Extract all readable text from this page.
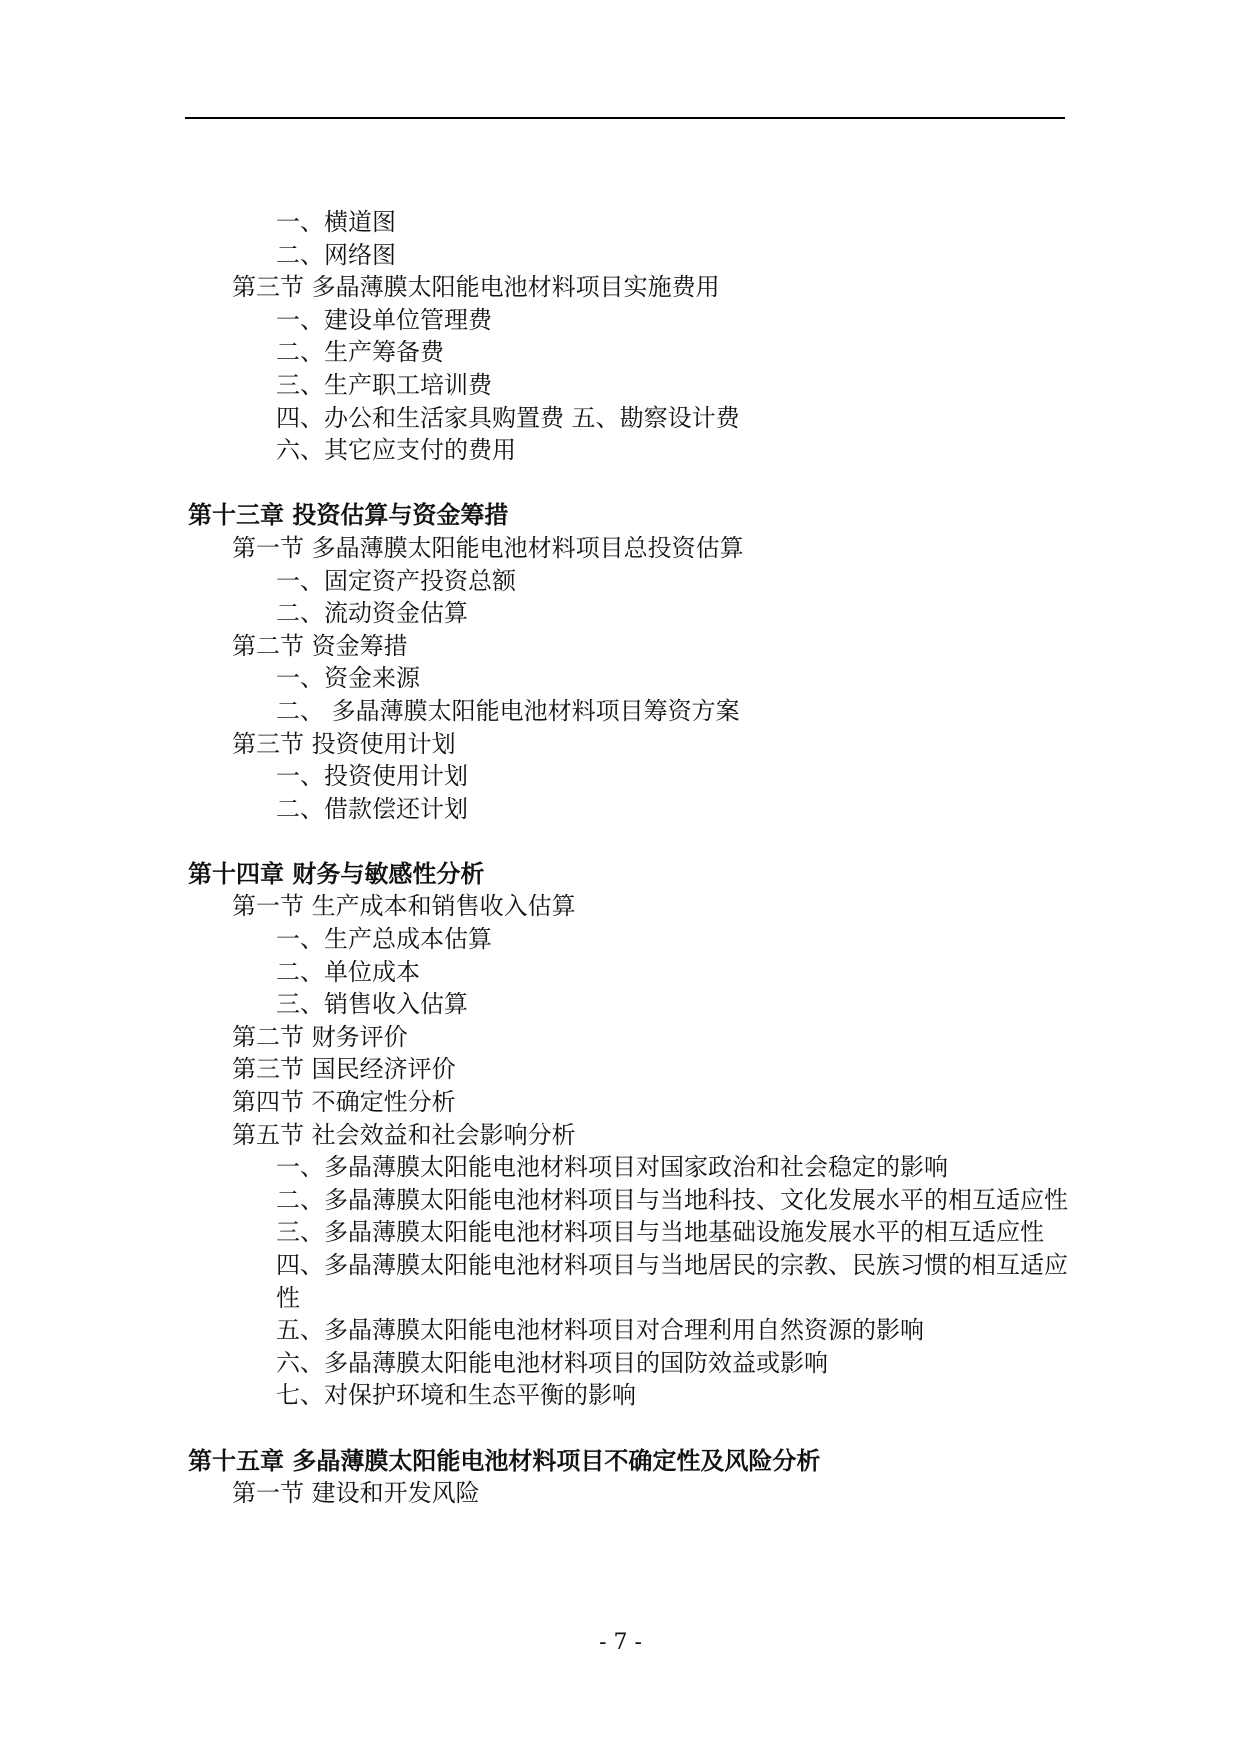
一、横道图
二、网络图
第三节 多晶薄膜太阳能电池材料项目实施费用
一、建设单位管理费
二、生产筹备费
三、生产职工培训费
四、办公和生活家具购置费 五、勘察设计费
六、其它应支付的费用
第十三章 投资估算与资金筹措
第一节 多晶薄膜太阳能电池材料项目总投资估算
一、固定资产投资总额
二、流动资金估算
第二节 资金筹措
一、资金来源
二、 多晶薄膜太阳能电池材料项目筹资方案
第三节 投资使用计划
一、投资使用计划
二、借款偿还计划
第十四章 财务与敏感性分析
第一节 生产成本和销售收入估算
一、生产总成本估算
二、单位成本
三、销售收入估算
第二节 财务评价
第三节 国民经济评价
第四节 不确定性分析
第五节 社会效益和社会影响分析
一、多晶薄膜太阳能电池材料项目对国家政治和社会稳定的影响
二、多晶薄膜太阳能电池材料项目与当地科技、文化发展水平的相互适应性
三、多晶薄膜太阳能电池材料项目与当地基础设施发展水平的相互适应性
四、多晶薄膜太阳能电池材料项目与当地居民的宗教、民族习惯的相互适应性
五、多晶薄膜太阳能电池材料项目对合理利用自然资源的影响
六、多晶薄膜太阳能电池材料项目的国防效益或影响
七、对保护环境和生态平衡的影响
第十五章 多晶薄膜太阳能电池材料项目不确定性及风险分析
第一节 建设和开发风险
- 7 -
